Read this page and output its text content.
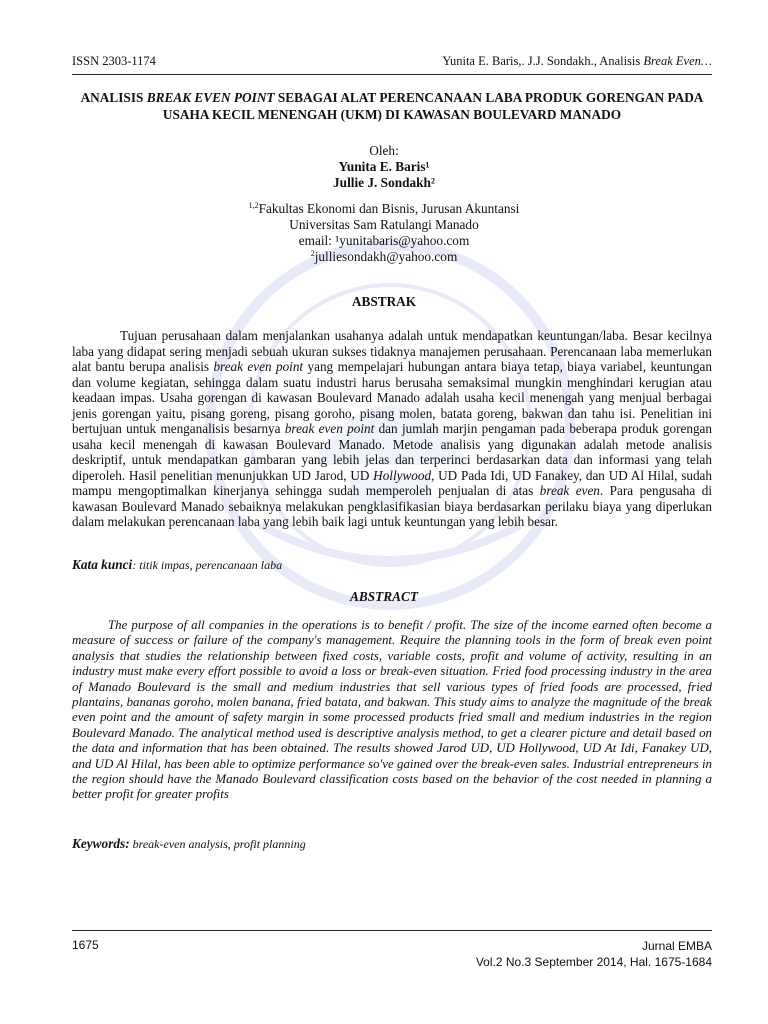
ISSN 2303-1174	Yunita E. Baris,. J.J. Sondakh., Analisis Break Even…
ANALISIS BREAK EVEN POINT SEBAGAI ALAT PERENCANAAN LABA PRODUK GORENGAN PADA USAHA KECIL MENENGAH (UKM) DI KAWASAN BOULEVARD MANADO
Oleh:
Yunita E. Baris¹
Jullie J. Sondakh²
$^{1,2}$Fakultas Ekonomi dan Bisnis, Jurusan Akuntansi
Universitas Sam Ratulangi Manado
email: ¹yunitabaris@yahoo.com
$^2$julliesondakh@yahoo.com
ABSTRAK
Tujuan perusahaan dalam menjalankan usahanya adalah untuk mendapatkan keuntungan/laba. Besar kecilnya laba yang didapat sering menjadi sebuah ukuran sukses tidaknya manajemen perusahaan. Perencanaan laba memerlukan alat bantu berupa analisis break even point yang mempelajari hubungan antara biaya tetap, biaya variabel, keuntungan dan volume kegiatan, sehingga dalam suatu industri harus berusaha semaksimal mungkin menghindari kerugian atau keadaan impas. Usaha gorengan di kawasan Boulevard Manado adalah usaha kecil menengah yang menjual berbagai jenis gorengan yaitu, pisang goreng, pisang goroho, pisang molen, batata goreng, bakwan dan tahu isi. Penelitian ini bertujuan untuk menganalisis besarnya break even point dan jumlah marjin pengaman pada beberapa produk gorengan usaha kecil menengah di kawasan Boulevard Manado. Metode analisis yang digunakan adalah metode analisis deskriptif, untuk mendapatkan gambaran yang lebih jelas dan terperinci berdasarkan data dan informasi yang telah diperoleh. Hasil penelitian menunjukkan UD Jarod, UD Hollywood, UD Pada Idi, UD Fanakey, dan UD Al Hilal, sudah mampu mengoptimalkan kinerjanya sehingga sudah memperoleh penjualan di atas break even. Para pengusaha di kawasan Boulevard Manado sebaiknya melakukan pengklasifikasian biaya berdasarkan perilaku biaya yang diperlukan dalam melakukan perencanaan laba yang lebih baik lagi untuk keuntungan yang lebih besar.
Kata kunci: titik impas, perencanaan laba
ABSTRACT
The purpose of all companies in the operations is to benefit / profit. The size of the income earned often become a measure of success or failure of the company's management. Require the planning tools in the form of break even point analysis that studies the relationship between fixed costs, variable costs, profit and volume of activity, resulting in an industry must make every effort possible to avoid a loss or break-even situation. Fried food processing industry in the area of Manado Boulevard is the small and medium industries that sell various types of fried foods are processed, fried plantains, bananas goroho, molen banana, fried batata, and bakwan. This study aims to analyze the magnitude of the break even point and the amount of safety margin in some processed products fried small and medium industries in the region Boulevard Manado. The analytical method used is descriptive analysis method, to get a clearer picture and detail based on the data and information that has been obtained. The results showed Jarod UD, UD Hollywood, UD At Idi, Fanakey UD, and UD Al Hilal, has been able to optimize performance so've gained over the break-even sales. Industrial entrepreneurs in the region should have the Manado Boulevard classification costs based on the behavior of the cost needed in planning a better profit for greater profits
Keywords: break-even analysis, profit planning
1675	Jurnal EMBA
Vol.2 No.3 September 2014, Hal. 1675-1684
